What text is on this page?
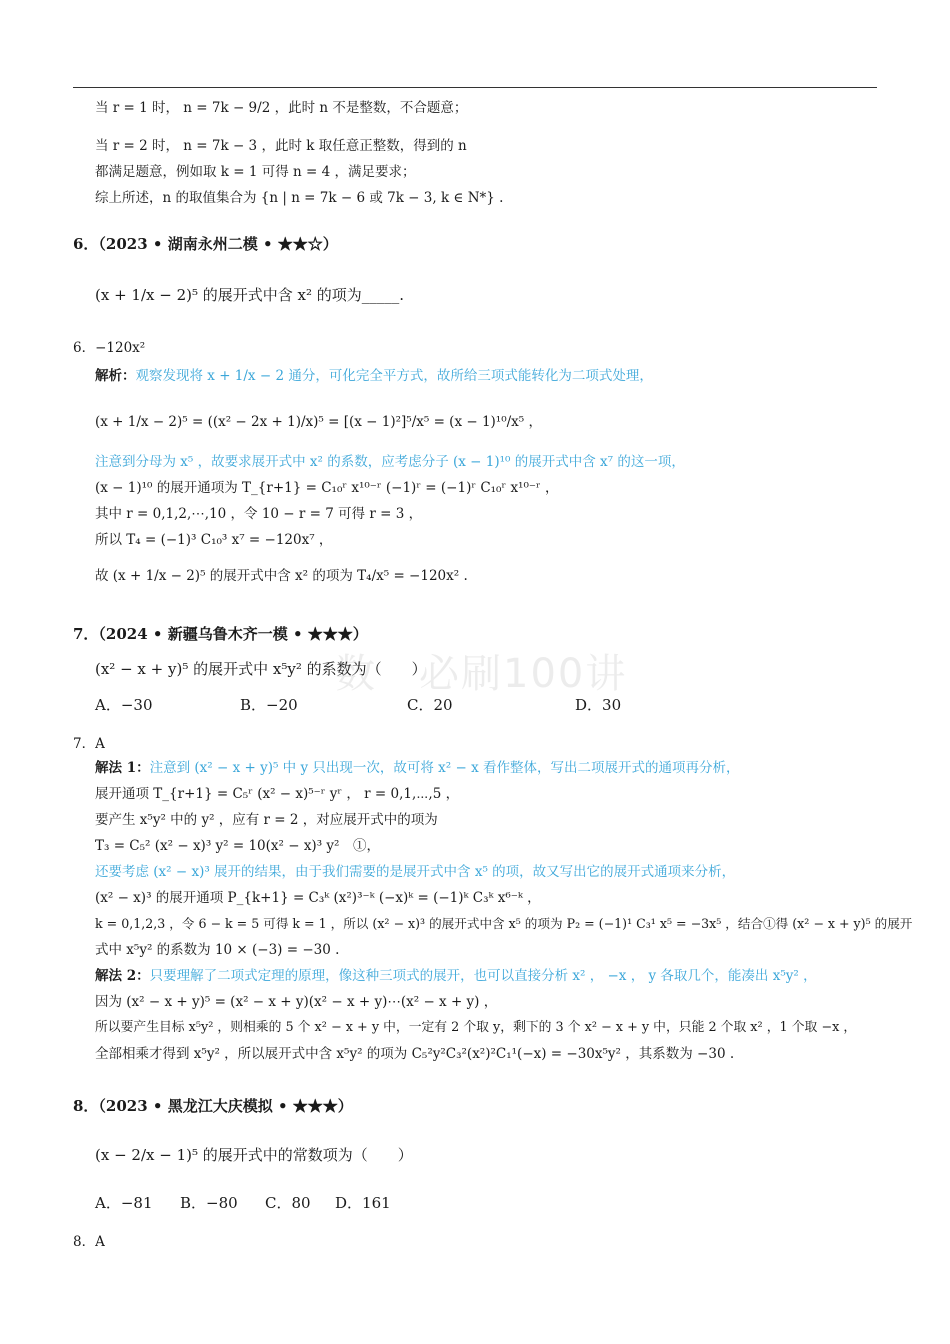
数　必刷100讲
当 r = 1 时， n = 7k − 9/2 ，此时 n 不是整数，不合题意；
当 r = 2 时， n = 7k − 3 ，此时 k 取任意正整数，得到的 n
都满足题意，例如取 k = 1 可得 n = 4 ，满足要求；
综上所述，n 的取值集合为 {n | n = 7k − 6 或 7k − 3, k ∈ N*} .
6．（2023 • 湖南永州二模 • ★★☆）
(x + 1/x − 2)⁵ 的展开式中含 x² 的项为_____.
6．−120x²
解析：观察发现将 x + 1/x − 2 通分，可化完全平方式，故所给三项式能转化为二项式处理，
(x + 1/x − 2)⁵ = ((x² − 2x + 1)/x)⁵ = [(x − 1)²]⁵/x⁵ = (x − 1)¹⁰/x⁵ ，
注意到分母为 x⁵ ，故要求展开式中 x² 的系数，应考虑分子 (x − 1)¹⁰ 的展开式中含 x⁷ 的这一项，
(x − 1)¹⁰ 的展开通项为 T_{r+1} = C₁₀ʳ x¹⁰⁻ʳ (−1)ʳ = (−1)ʳ C₁₀ʳ x¹⁰⁻ʳ ，
其中 r = 0,1,2,⋯,10 ，令 10 − r = 7 可得 r = 3 ，
所以 T₄ = (−1)³ C₁₀³ x⁷ = −120x⁷ ，
故 (x + 1/x − 2)⁵ 的展开式中含 x² 的项为 T₄/x⁵ = −120x² .
7．（2024 • 新疆乌鲁木齐一模 • ★★★）
(x² − x + y)⁵ 的展开式中 x⁵y² 的系数为（　　）
A．−30	B．−20	C．20	D．30
7．A
解法 1：注意到 (x² − x + y)⁵ 中 y 只出现一次，故可将 x² − x 看作整体，写出二项展开式的通项再分析，
展开通项 T_{r+1} = C₅ʳ (x² − x)⁵⁻ʳ yʳ ， r = 0,1,⋯,5 ，
要产生 x⁵y² 中的 y² ，应有 r = 2 ，对应展开式中的项为
T₃ = C₅² (x² − x)³ y² = 10(x² − x)³ y²　①，
还要考虑 (x² − x)³ 展开的结果，由于我们需要的是展开式中含 x⁵ 的项，故又写出它的展开式通项来分析，
(x² − x)³ 的展开通项 P_{k+1} = C₃ᵏ (x²)³⁻ᵏ (−x)ᵏ = (−1)ᵏ C₃ᵏ x⁶⁻ᵏ ，
k = 0,1,2,3 ，令 6 − k = 5 可得 k = 1 ，所以 (x² − x)³ 的展开式中含 x⁵ 的项为 P₂ = (−1)¹ C₃¹ x⁵ = −3x⁵ ，结合①得 (x² − x + y)⁵ 的展开
式中 x⁵y² 的系数为 10 × (−3) = −30 .
解法 2：只要理解了二项式定理的原理，像这种三项式的展开，也可以直接分析 x² ， −x ， y 各取几个，能凑出 x⁵y² ，
因为 (x² − x + y)⁵ = (x² − x + y)(x² − x + y)⋯(x² − x + y) ，
所以要产生目标 x⁵y² ，则相乘的 5 个 x² − x + y 中，一定有 2 个取 y，剩下的 3 个 x² − x + y 中，只能 2 个取 x² ，1 个取 −x ，
全部相乘才得到 x⁵y² ，所以展开式中含 x⁵y² 的项为 C₅²y²C₃²(x²)²C₁¹(−x) = −30x⁵y² ，其系数为 −30 .
8．（2023 • 黑龙江大庆模拟 • ★★★）
(x − 2/x − 1)⁵ 的展开式中的常数项为（　　）
A．−81 B．−80 C．80 D．161
8．A
